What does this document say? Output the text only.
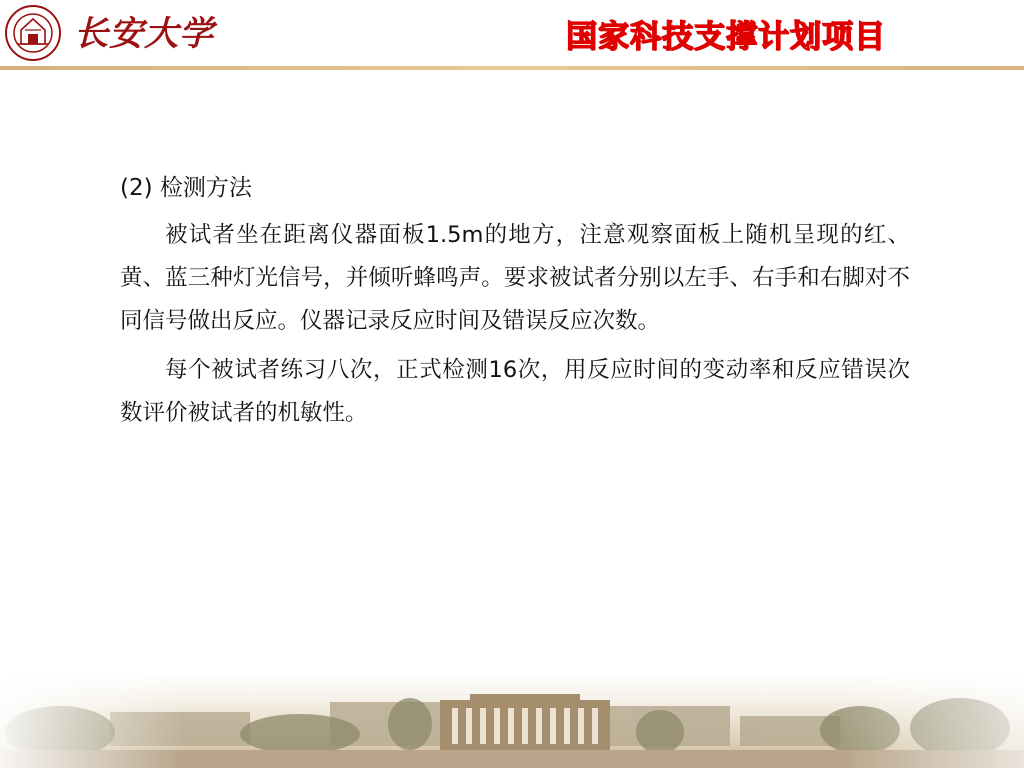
长安大学	国家科技支撑计划项目
(2) 检测方法

被试者坐在距离仪器面板1.5m的地方，注意观察面板上随机呈现的红、黄、蓝三种灯光信号，并倾听蜂鸣声。要求被试者分别以左手、右手和右脚对不同信号做出反应。仪器记录反应时间及错误反应次数。

每个被试者练习八次，正式检测16次，用反应时间的变动率和反应错误次数评价被试者的机敏性。
